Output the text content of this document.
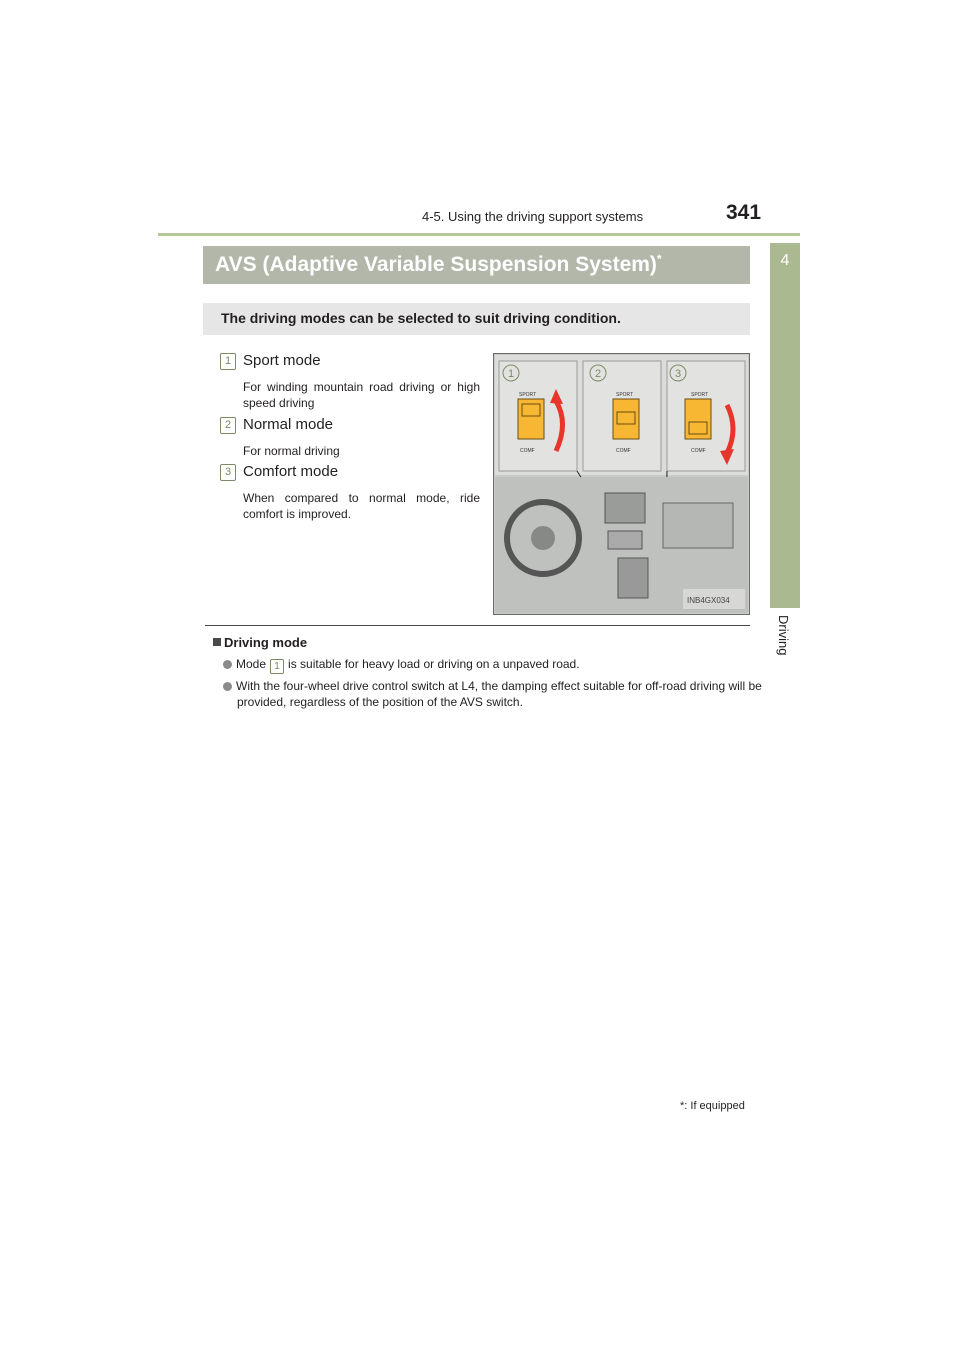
4-5. Using the driving support systems	341
4
Driving
AVS (Adaptive Variable Suspension System)*
The driving modes can be selected to suit driving condition.
1 Sport mode
For winding mountain road driving or high speed driving
2 Normal mode
For normal driving
3 Comfort mode
When compared to normal mode, ride comfort is improved.
SPORT
COMF
SPORT
COMF
SPORT
COMF
1	2	3
INB4GX034
Driving mode
Mode 1 is suitable for heavy load or driving on a unpaved road.
With the four-wheel drive control switch at L4, the damping effect suitable for off-road driving will be provided, regardless of the position of the AVS switch.
*: If equipped
